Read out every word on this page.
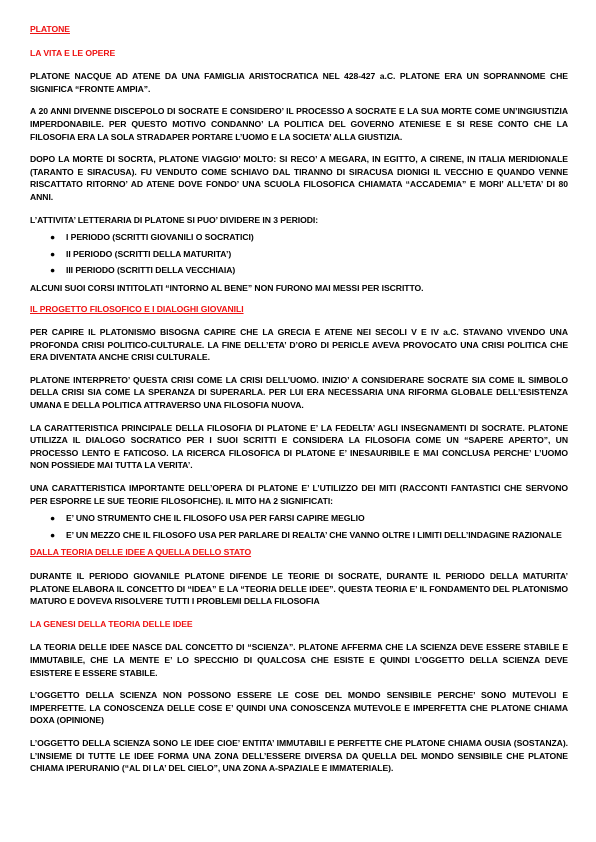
PLATONE
LA VITA E LE OPERE

PLATONE NACQUE AD ATENE DA UNA FAMIGLIA ARISTOCRATICA NEL 428-427 a.C. PLATONE ERA UN SOPRANNOME CHE SIGNIFICA “FRONTE AMPIA”.

A 20 ANNI DIVENNE DISCEPOLO DI SOCRATE E CONSIDERO’ IL PROCESSO A SOCRATE E LA SUA MORTE COME UN’INGIUSTIZIA IMPERDONABILE. PER QUESTO MOTIVO CONDANNO’ LA POLITICA DEL GOVERNO ATENIESE E SI RESE CONTO CHE LA FILOSOFIA ERA LA SOLA STRADAPER PORTARE L’UOMO E LA SOCIETA’ ALLA GIUSTIZIA.

DOPO LA MORTE DI SOCRTA, PLATONE VIAGGIO’ MOLTO: SI RECO’ A MEGARA, IN EGITTO, A CIRENE, IN ITALIA MERIDIONALE (TARANTO E SIRACUSA). FU VENDUTO COME SCHIAVO DAL TIRANNO DI SIRACUSA DIONIGI IL VECCHIO E QUANDO VENNE RISCATTATO RITORNO’ AD ATENE DOVE FONDO’ UNA SCUOLA FILOSOFICA CHIAMATA “ACCADEMIA” E MORI’ ALL’ETA’ DI 80 ANNI.

L’ATTIVITA’ LETTERARIA DI PLATONE SI PUO’ DIVIDERE IN 3 PERIODI:

● I PERIODO (SCRITTI GIOVANILI O SOCRATICI)
● II PERIODO (SCRITTI DELLA MATURITA’)
● III PERIODO (SCRITTI DELLA VECCHIAIA)

ALCUNI SUOI CORSI INTITOLATI “INTORNO AL BENE” NON FURONO MAI MESSI PER ISCRITTO.

IL PROGETTO FILOSOFICO E I DIALOGHI GIOVANILI

PER CAPIRE IL PLATONISMO BISOGNA CAPIRE CHE LA GRECIA E ATENE NEI SECOLI V E IV a.C. STAVANO VIVENDO UNA PROFONDA CRISI POLITICO-CULTURALE. LA FINE DELL’ETA’ D’ORO DI PERICLE AVEVA PROVOCATO UNA CRISI POLITICA CHE ERA DIVENTATA ANCHE CRISI CULTURALE.

PLATONE INTERPRETO’ QUESTA CRISI COME LA CRISI DELL’UOMO. INIZIO’ A CONSIDERARE SOCRATE SIA COME IL SIMBOLO DELLA CRISI SIA COME LA SPERANZA DI SUPERARLA. PER LUI ERA NECESSARIA UNA RIFORMA GLOBALE DELL’ESISTENZA UMANA E DELLA POLITICA ATTRAVERSO UNA FILOSOFIA NUOVA.

LA CARATTERISTICA PRINCIPALE DELLA FILOSOFIA DI PLATONE E’ LA FEDELTA’ AGLI INSEGNAMENTI DI SOCRATE. PLATONE UTILIZZA IL DIALOGO SOCRATICO PER I SUOI SCRITTI E CONSIDERA LA FILOSOFIA COME UN “SAPERE APERTO”, UN PROCESSO LENTO E FATICOSO. LA RICERCA FILOSOFICA DI PLATONE E’ INESAURIBILE E MAI CONCLUSA PERCHE’ L’UOMO NON POSSIEDE MAI TUTTA LA VERITA’.

UNA CARATTERISTICA IMPORTANTE DELL’OPERA DI PLATONE E’ L’UTILIZZO DEI MITI (RACCONTI FANTASTICI CHE SERVONO PER ESPORRE LE SUE TEORIE FILOSOFICHE). IL MITO HA 2 SIGNIFICATI:

● E’ UNO STRUMENTO CHE IL FILOSOFO USA PER FARSI CAPIRE MEGLIO
● E’ UN MEZZO CHE IL FILOSOFO USA PER PARLARE DI REALTA’ CHE VANNO OLTRE I LIMITI DELL’INDAGINE RAZIONALE
DALLA TEORIA DELLE IDEE A QUELLA DELLO STATO

DURANTE IL PERIODO GIOVANILE PLATONE DIFENDE LE TEORIE DI SOCRATE, DURANTE IL PERIODO DELLA MATURITA’ PLATONE ELABORA IL CONCETTO DI “IDEA” E LA “TEORIA DELLE IDEE”. QUESTA TEORIA E’ IL FONDAMENTO DEL PLATONISMO MATURO E DOVEVA RISOLVERE TUTTI I PROBLEMI DELLA FILOSOFIA

LA GENESI DELLA TEORIA DELLE IDEE

LA TEORIA DELLE IDEE NASCE DAL CONCETTO DI “SCIENZA”. PLATONE AFFERMA CHE LA SCIENZA DEVE ESSERE STABILE E IMMUTABILE, CHE LA MENTE E’ LO SPECCHIO DI QUALCOSA CHE ESISTE E QUINDI L’OGGETTO DELLA SCIENZA DEVE ESISTERE E ESSERE STABILE.

L’OGGETTO DELLA SCIENZA NON POSSONO ESSERE LE COSE DEL MONDO SENSIBILE PERCHE’ SONO MUTEVOLI E IMPERFETTE. LA CONOSCENZA DELLE COSE E’ QUINDI UNA CONOSCENZA MUTEVOLE E IMPERFETTA CHE PLATONE CHIAMA DOXA (OPINIONE)

L’OGGETTO DELLA SCIENZA SONO LE IDEE CIOE’ ENTITA’ IMMUTABILI E PERFETTE CHE PLATONE CHIAMA OUSIA (SOSTANZA). L’INSIEME DI TUTTE LE IDEE FORMA UNA ZONA DELL’ESSERE DIVERSA DA QUELLA DEL MONDO SENSIBILE CHE PLATONE CHIAMA IPERURANIO (“AL DI LA’ DEL CIELO”, UNA ZONA A-SPAZIALE E IMMATERIALE).
